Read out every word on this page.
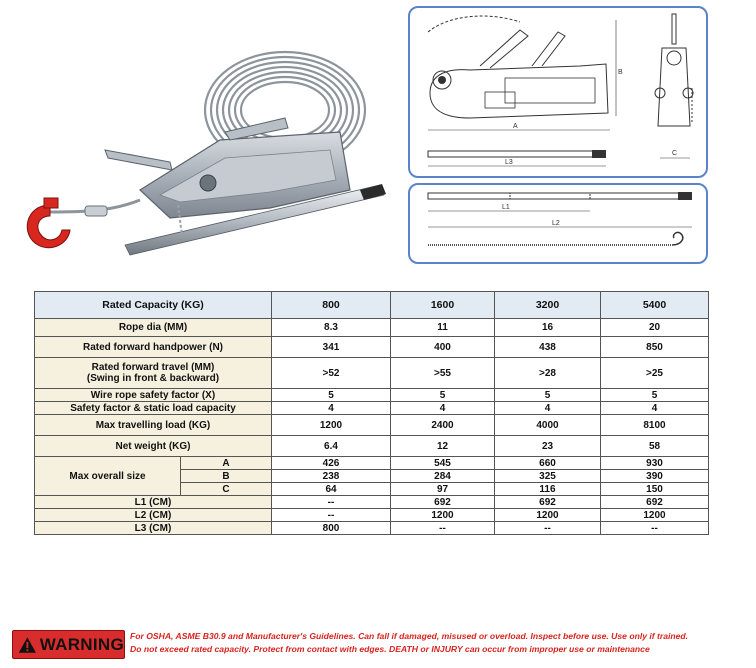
B
A
L3
C
L1
L2
Rated Capacity (KG)		800	1600	3200	5400
Rope dia (MM)		8.3	11	16	20
Rated forward handpower (N)		341	400	438	850

Rated forward travel (MM)
(Swing in front & backward)		>52	>55	>28	>25
Wire rope safety factor (X)		5	5	5	5
Safety factor & static load capacity		4	4	4	4
Max travelling load (KG)		1200	2400	4000	8100
Net weight (KG)		6.4	12	23	58
Max overall size	A	426	545	660	930
	B	238	284	325	390
	C	64	97	116	150
L1 (CM)		--	692	692	692
L2 (CM)		--	1200	1200	1200
L3 (CM)		800	--	--	--
WARNING For OSHA, ASME B30.9 and Manufacturer's Guidelines. Can fall if damaged, misused or overload. Inspect before use. Use only if trained.
Do not exceed rated capacity. Protect from contact with edges. DEATH or INJURY can occur from improper use or maintenance
